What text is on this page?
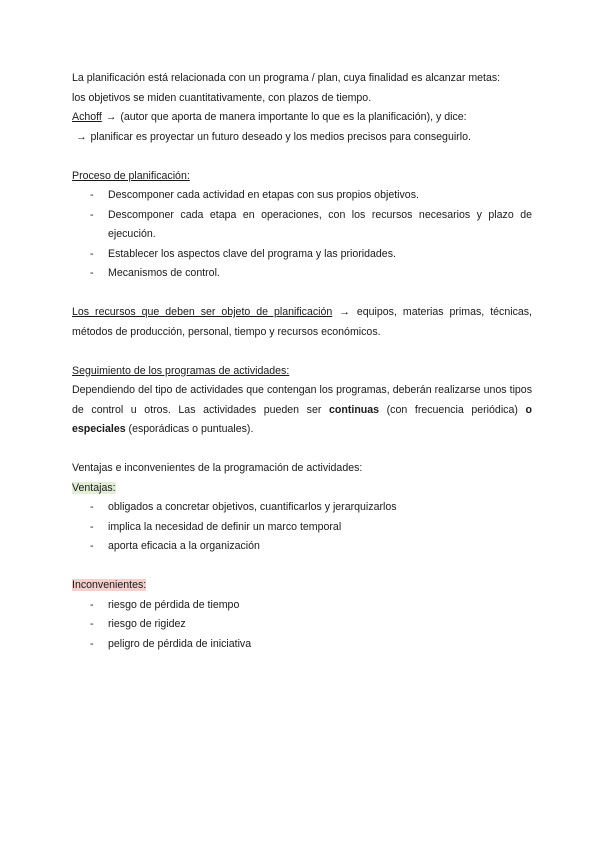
La planificación está relacionada con un programa / plan, cuya finalidad es alcanzar metas:
los objetivos se miden cuantitativamente, con plazos de tiempo.
Achoff → (autor que aporta de manera importante lo que es la planificación), y dice:
→ planificar es proyectar un futuro deseado y los medios precisos para conseguirlo.
Proceso de planificación:
- Descomponer cada actividad en etapas con sus propios objetivos.
- Descomponer cada etapa en operaciones, con los recursos necesarios y plazo de ejecución.
- Establecer los aspectos clave del programa y las prioridades.
- Mecanismos de control.
Los recursos que deben ser objeto de planificación → equipos, materias primas, técnicas, métodos de producción, personal, tiempo y recursos económicos.
Seguimiento de los programas de actividades:
Dependiendo del tipo de actividades que contengan los programas, deberán realizarse unos tipos de control u otros. Las actividades pueden ser continuas (con frecuencia periódica) o especiales (esporádicas o puntuales).
Ventajas e inconvenientes de la programación de actividades:
Ventajas:
- obligados a concretar objetivos, cuantificarlos y jerarquizarlos
- implica la necesidad de definir un marco temporal
- aporta eficacia a la organización
Inconvenientes:
- riesgo de pérdida de tiempo
- riesgo de rigidez
- peligro de pérdida de iniciativa
